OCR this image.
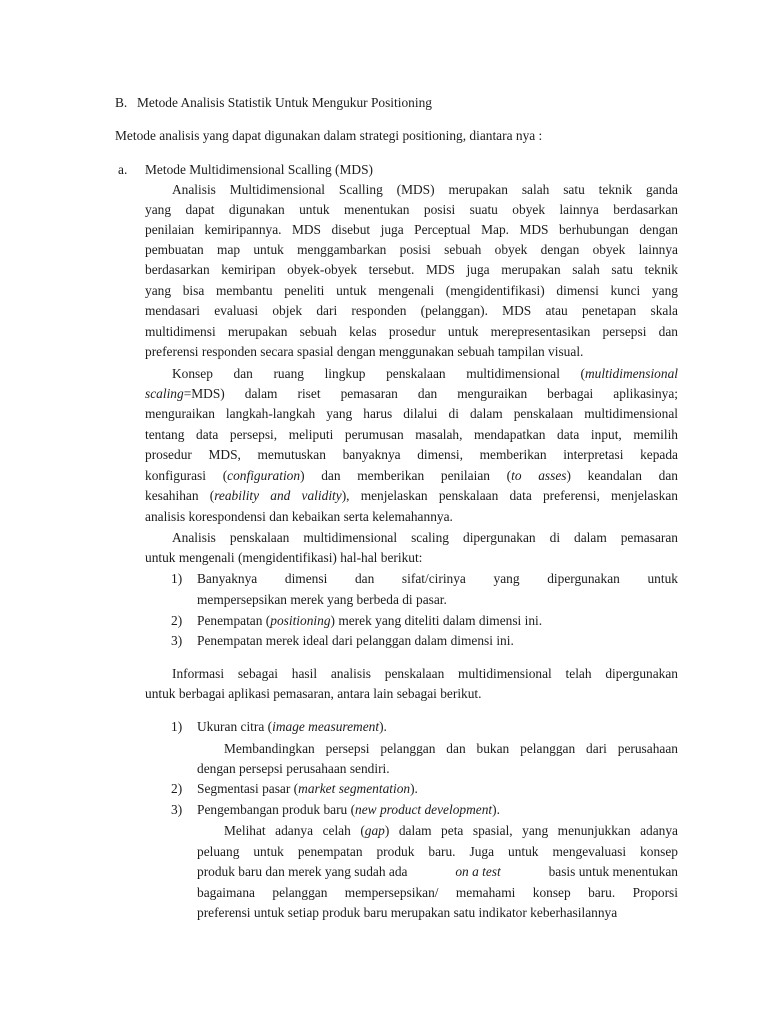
B. Metode Analisis Statistik Untuk Mengukur Positioning
Metode analisis yang dapat digunakan dalam strategi positioning, diantara nya :
a. Metode Multidimensional Scalling (MDS)
Analisis Multidimensional Scalling (MDS) merupakan salah satu teknik ganda
yang dapat digunakan untuk menentukan posisi suatu obyek lainnya berdasarkan
penilaian kemiripannya. MDS disebut juga Perceptual Map. MDS berhubungan dengan
pembuatan map untuk menggambarkan posisi sebuah obyek dengan obyek lainnya
berdasarkan kemiripan obyek-obyek tersebut. MDS juga merupakan salah satu teknik
yang bisa membantu peneliti untuk mengenali (mengidentifikasi) dimensi kunci yang
mendasari evaluasi objek dari responden (pelanggan). MDS atau penetapan skala
multidimensi merupakan sebuah kelas prosedur untuk merepresentasikan persepsi dan
preferensi responden secara spasial dengan menggunakan sebuah tampilan visual.
Konsep dan ruang lingkup penskalaan multidimensional (multidimensional
scaling=MDS) dalam riset pemasaran dan menguraikan berbagai aplikasinya;
menguraikan langkah-langkah yang harus dilalui di dalam penskalaan multidimensional
tentang data persepsi, meliputi perumusan masalah, mendapatkan data input, memilih
prosedur MDS, memutuskan banyaknya dimensi, memberikan interpretasi kepada
konfigurasi (configuration) dan memberikan penilaian (to asses) keandalan dan
kesahihan (reability and validity), menjelaskan penskalaan data preferensi, menjelaskan
analisis korespondensi dan kebaikan serta kelemahannya.
Analisis penskalaan multidimensional scaling dipergunakan di dalam pemasaran
untuk mengenali (mengidentifikasi) hal-hal berikut:
1) Banyaknya dimensi dan sifat/cirinya yang dipergunakan untuk
mempersepsikan merek yang berbeda di pasar.
2) Penempatan (positioning) merek yang diteliti dalam dimensi ini.
3) Penempatan merek ideal dari pelanggan dalam dimensi ini.
Informasi sebagai hasil analisis penskalaan multidimensional telah dipergunakan
untuk berbagai aplikasi pemasaran, antara lain sebagai berikut.
1) Ukuran citra (image measurement).
Membandingkan persepsi pelanggan dan bukan pelanggan dari perusahaan
dengan persepsi perusahaan sendiri.
2) Segmentasi pasar (market segmentation).
3) Pengembangan produk baru (new product development).
Melihat adanya celah (gap) dalam peta spasial, yang menunjukkan adanya
peluang untuk penempatan produk baru. Juga untuk mengevaluasi konsep
produk baru dan merek yang sudah ada	on a test	basis untuk menentukan
bagaimana pelanggan mempersepsikan/ memahami konsep baru. Proporsi
preferensi untuk setiap produk baru merupakan satu indikator keberhasilannya
